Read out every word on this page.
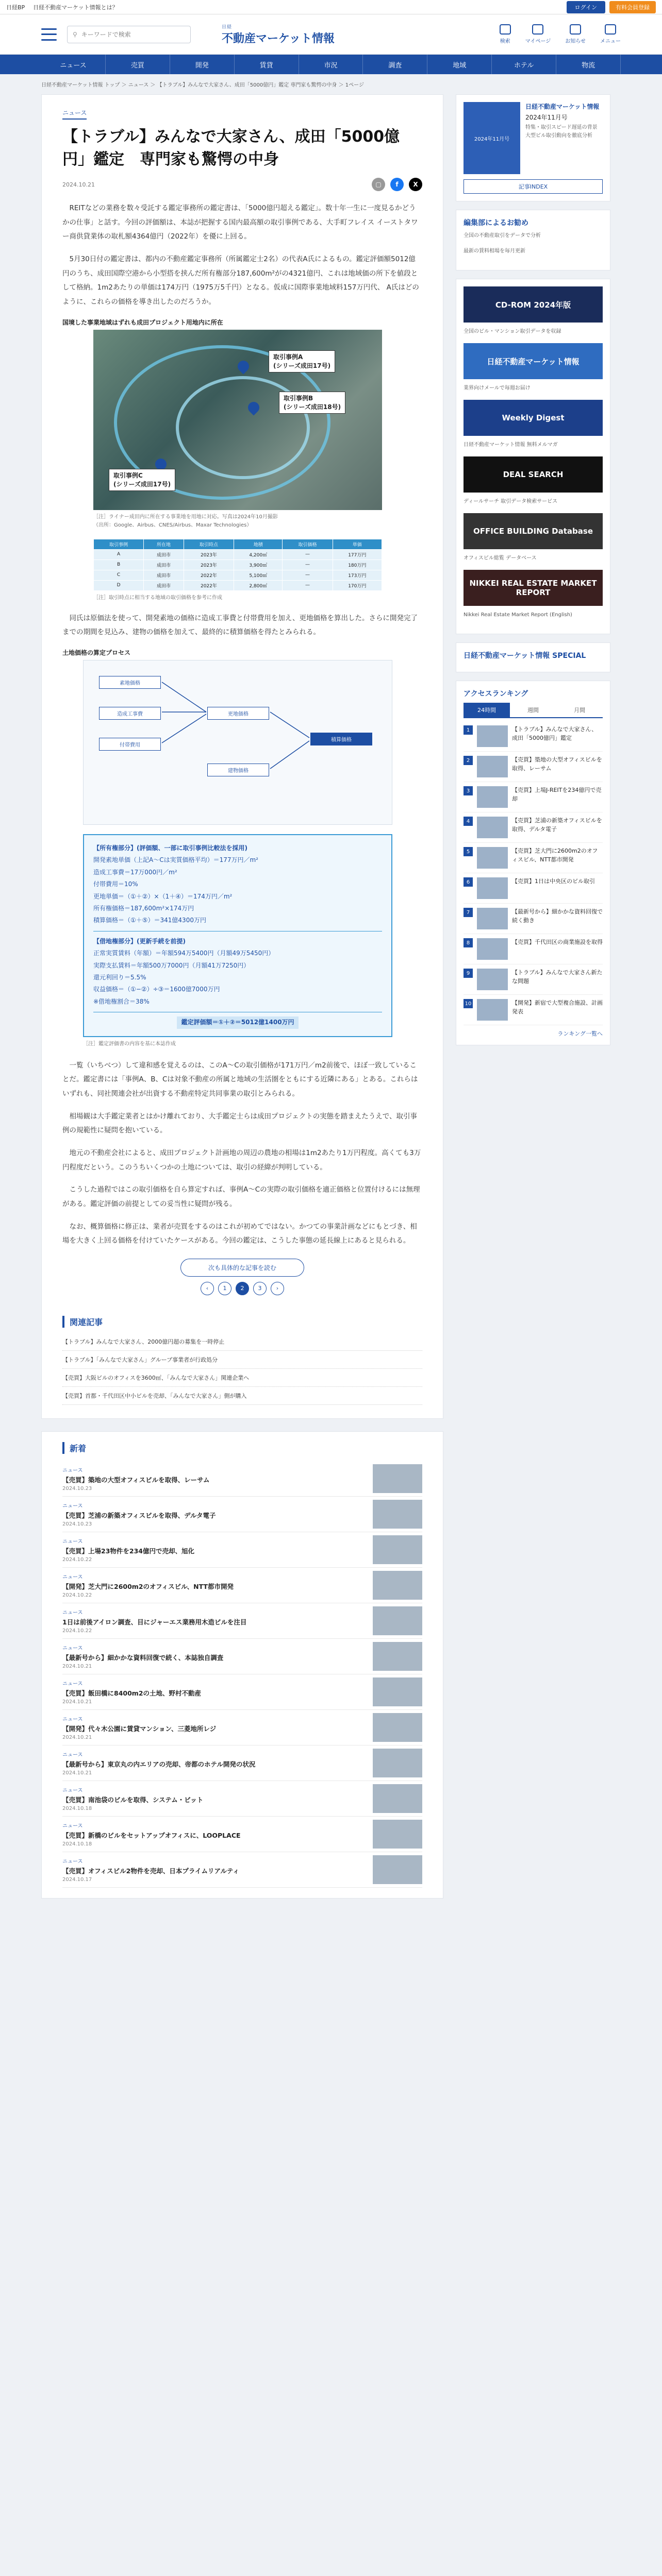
日経BP 日経不動産マーケット情報とは？	ログイン	有料会員登録
⚲
キーワードで検索
日経
不動産マーケット情報	検索	マイページ	お知らせ	メニュー
ニュース	売買	開発	賃貸	市況	調査	地域	ホテル	物流
日経不動産マーケット情報 トップ ＞ ニュース ＞ 【トラブル】みんなで大家さん、成田「5000億円」鑑定 専門家も驚愕の中身 ＞ 1ページ
ニュース
【トラブル】みんなで大家さん、成田「5000億円」鑑定　専門家も驚愕の中身
2024.10.21	▢	f	X

REITなどの業務を数々受託する鑑定事務所の鑑定書は、「5000億円超える鑑定」。数十年一生に一度見るかどうかの仕事」と話す。今回の評価額は、本誌が把握する国内最高額の取引事例である、大手町フレイス イーストタワー商供貸業体の取札額4364億円（2022年）を優に上回る。

5月30日付の鑑定書は、都内の不動産鑑定事務所（所属鑑定士2名）の代表A氏によるもの。鑑定評価額5012億円のうち、成田国際空港から小型搭を挟んだ所有権部分187,600m²がの4321億円、これは地域価の所下を値段として格納。1m2あたりの単価は174万円（1975万5千円）となる。仮成に国際事業地域料157万円代、 A氏はどのように、これらの価格を導き出したのだろうか。

国境した事業地域はずれも成田プロジェクト用地内に所在
取引事例A
(シリーズ成田17号)
取引事例B
(シリーズ成田18号)
取引事例C
(シリーズ成田17号)
［注］ライナー成田内に所在する事業地を用地に対応。写真は2024年10月撮影
（出所：Google、Airbus、CNES/Airbus、Maxar Technologies）
取引事例	所在地	取引時点	地積	取引価格	単価
A	成田市	2023年	4,200㎡	—	177万円
B	成田市	2023年	3,900㎡	—	180万円
C	成田市	2022年	5,100㎡	—	173万円
D	成田市	2022年	2,800㎡	—	170万円
［注］取引時点に相当する地域の取引価格を参考に作成

同氏は原価法を使って、開発素地の価格に造成工事費と付帯費用を加え、更地価格を算出した。さらに開発完了までの期間を見込み、建物の価格を加えて、最終的に積算価格を得たとみられる。

土地価格の算定プロセス
素地価格
造成工事費
付帯費用
更地価格
建物価格
積算価格
【所有権部分】(評価額、一部に取引事例比較法を採用)
開発素地単価（上記A〜Cは実質価格平均）＝177万円／m²
造成工事費＝17万000円／m²
付帯費用＝10%
更地単価＝（①＋②）×（1＋④）＝174万円／m²
所有権価格＝187,600m²×174万円
積算価格＝（①＋⑤）＝341億4300万円
【借地権部分】(更新手続を前提)
正常実質賃料（年額）＝年額594万5400円（月額49万5450円）
実際支払賃料＝年額500万7000円（月額41万7250円）
還元利回り＝5.5%
収益価格＝（①−②）÷③＝1600億7000万円
※借地権割合＝38%
鑑定評価額＝①＋②＝5012億1400万円
［注］鑑定評価書の内容を基に本誌作成

一覧（いちべつ）して違和感を覚えるのは、このA〜Cの取引価格が171万円／m2前後で、ほぼ一致していることだ。鑑定書には「事例A、B、Cは対象不動産の所属と地域の生活圏をともにする近隣にある」とある。これらはいずれも、同社関連会社が出資する不動産特定共同事業の取引とみられる。

相場観は大手鑑定業者とはかけ離れており、大手鑑定士らは成田プロジェクトの実態を踏まえたうえで、取引事例の規範性に疑問を抱いている。

地元の不動産会社によると、成田プロジェクト計画地の周辺の農地の相場は1m2あたり1万円程度。高くても3万円程度だという。このうちいくつかの土地については、取引の経緯が判明している。

こうした過程ではこの取引価格を自ら算定すれば、事例A〜Cの実際の取引価格を適正価格と位置付けるには無理がある。鑑定評価の前提としての妥当性に疑問が残る。

なお、概算価格に修正は、業者が売買をするのはこれが初めてではない。かつての事業計画などにもとづき、相場を大きく上回る価格を付けていたケースがある。今回の鑑定は、こうした事態の延長線上にあると見られる。

次も具体的な記事を読む
‹	1	2	3	›
関連記事
【トラブル】みんなで大家さん、2000億円超の募集を一時停止
【トラブル】「みんなで大家さん」グループ事業者が行政処分
【売買】大阪ビルのオフィスを3600㎡、「みんなで大家さん」関連企業へ
【売買】首都・千代田区中小ビルを売却、「みんなで大家さん」側が購入
2024年11月号
日経不動産マーケット情報
2024年11月号
特集・取引スピード遅延の背景
大型ビル取引動向を徹底分析
記事INDEX
編集部によるお勧め
全国の不動産取引をデータで分析
最新の賃料相場を毎月更新
CD-ROM 2024年版
全国のビル・マンション取引データを収録
日経不動産マーケット情報
業界向けメールで毎週お届け
Weekly Digest
日経不動産マーケット情報 無料メルマガ
DEAL SEARCH
ディールサーチ 取引データ検索サービス
OFFICE BUILDING Database
オフィスビル総覧 データベース
NIKKEI REAL ESTATE MARKET REPORT
Nikkei Real Estate Market Report (English)
日経不動産マーケット情報 SPECIAL
アクセスランキング
24時間	週間	月間
1	【トラブル】みんなで大家さん、成田「5000億円」鑑定
2	【売買】築地の大型オフィスビルを取得、レーサム
3	【売買】上場J-REITを234億円で売却
4	【売買】芝浦の新築オフィスビルを取得、デルタ電子
5	【売買】芝大門に2600m2のオフィスビル、NTT都市開発
6	【売買】1日は中央区のビル取引
7	【最新号から】細かかな資料回復で続く動き
8	【売買】千代田区の商業施設を取得
9	【トラブル】みんなで大家さん新たな問題
10	【開発】新宿で大型複合施設、計画発表
ランキング一覧へ
新着
ニュース
【売買】築地の大型オフィスビルを取得、レーサム
2024.10.23
ニュース
【売買】芝浦の新築オフィスビルを取得、デルタ電子
2024.10.23
ニュース
【売買】上場23物件を234億円で売却、旭化
2024.10.22
ニュース
【開発】芝大門に2600m2のオフィスビル、NTT都市開発
2024.10.22
ニュース
1日は前後アイロン調査、目にジャーエス業務用木造ビルを注目
2024.10.22
ニュース
【最新号から】細かかな資料回復で続く、本誌独自調査
2024.10.21
ニュース
【売買】飯田橋に8400m2の土地、野村不動産
2024.10.21
ニュース
【開発】代々木公園に賃貸マンション、三菱地所レジ
2024.10.21
ニュース
【最新号から】東京丸の内エリアの売却、帝都のホテル開発の状況
2024.10.21
ニュース
【売買】南池袋のビルを取得、システム・ビット
2024.10.18
ニュース
【売買】新橋のビルをセットアップオフィスに、LOOPLACE
2024.10.18
ニュース
【売買】オフィスビル2物件を売却、日本プライムリアルティ
2024.10.17
